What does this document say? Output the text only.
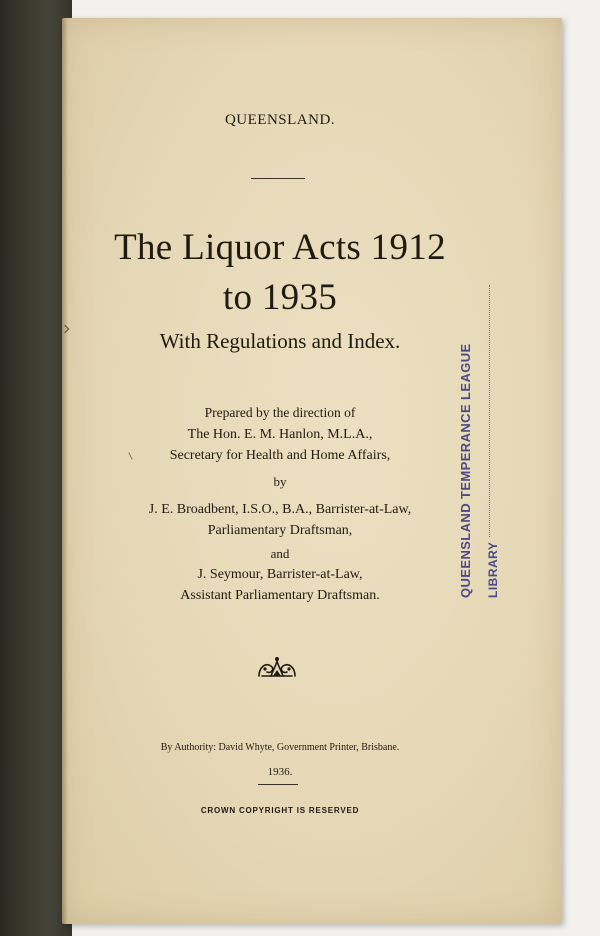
QUEENSLAND.
The Liquor Acts 1912
to 1935
With Regulations and Index.
Prepared by the direction of
The Hon. E. M. Hanlon, M.L.A.,
Secretary for Health and Home Affairs,
by
J. E. Broadbent, I.S.O., B.A., Barrister-at-Law,
Parliamentary Draftsman,
and
J. Seymour, Barrister-at-Law,
Assistant Parliamentary Draftsman.
By Authority: David Whyte, Government Printer, Brisbane.
1936.
CROWN COPYRIGHT IS RESERVED
QUEENSLAND TEMPERANCE LEAGUE LIBRARY
